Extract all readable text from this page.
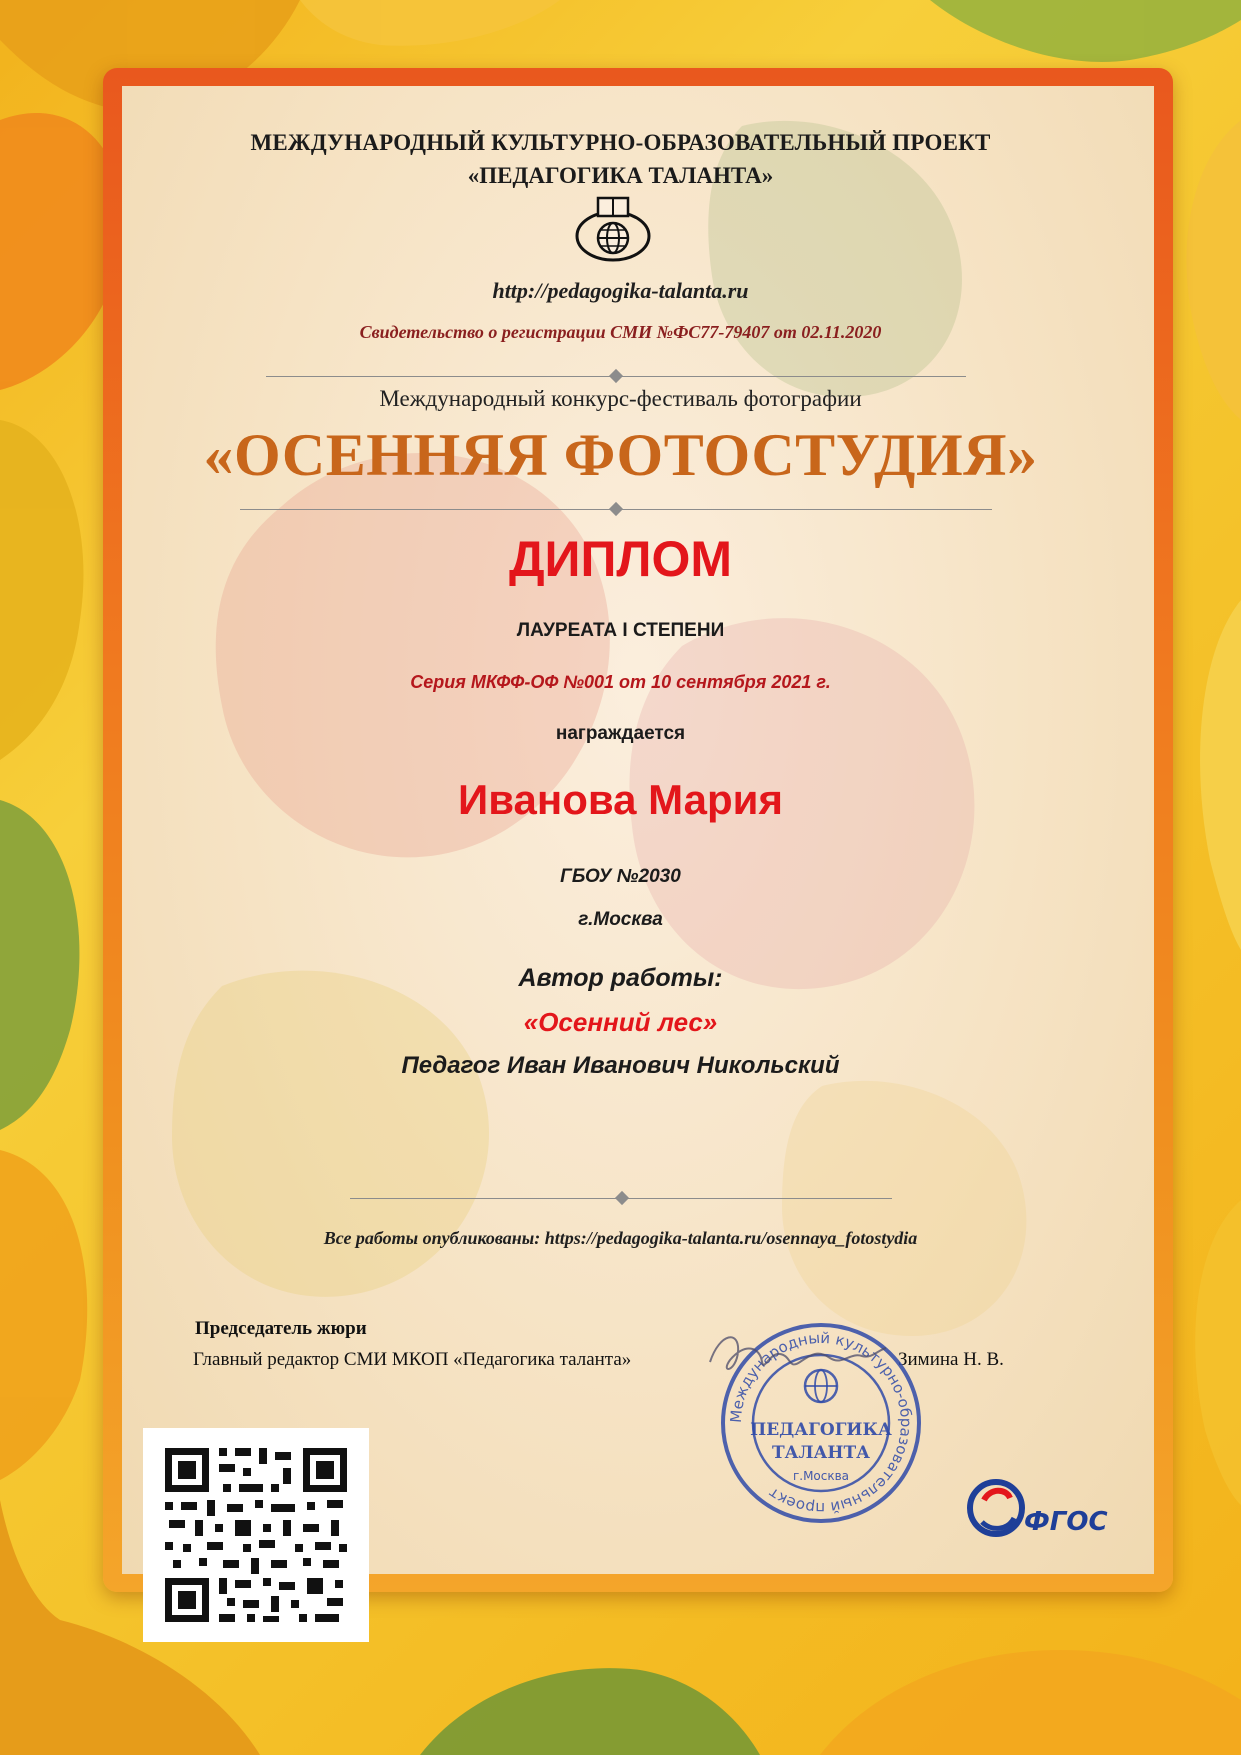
МЕЖДУНАРОДНЫЙ КУЛЬТУРНО-ОБРАЗОВАТЕЛЬНЫЙ ПРОЕКТ
«ПЕДАГОГИКА ТАЛАНТА»
http://pedagogika-talanta.ru
Свидетельство о регистрации СМИ №ФС77-79407 от 02.11.2020
Международный конкурс-фестиваль фотографии
«ОСЕННЯЯ ФОТОСТУДИЯ»
ДИПЛОМ
ЛАУРЕАТА I СТЕПЕНИ
Серия МКФФ-ОФ №001 от 10 сентября 2021 г.
награждается
Иванова Мария
ГБОУ №2030
г.Москва
Автор работы:
«Осенний лес»
Педагог Иван Иванович Никольский
Все работы опубликованы: https://pedagogika-talanta.ru/osennaya_fotostydia
Председатель жюри
Главный редактор СМИ МКОП «Педагогика таланта»	Зимина Н. В.
Международный культурно-образовательный проект
ПЕДАГОГИКА
ТАЛАНТА
г.Москва
ФГОС
